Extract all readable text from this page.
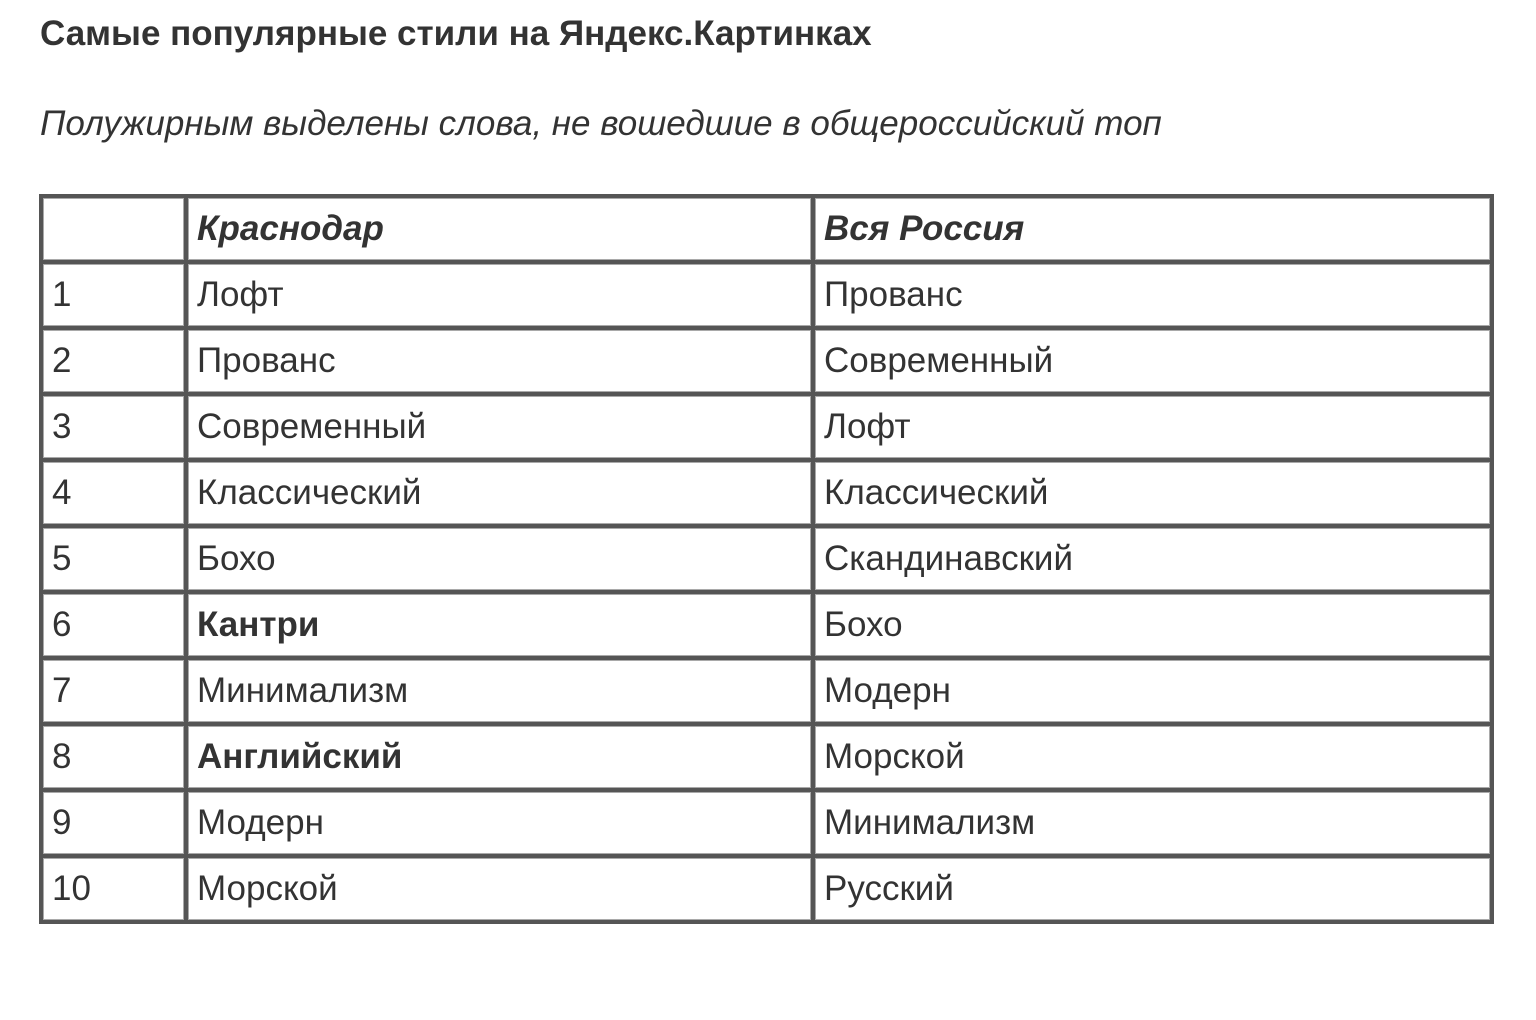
Самые популярные стили на Яндекс.Картинках
Полужирным выделены слова, не вошедшие в общероссийский топ
	Краснодар	Вся Россия
1	Лофт	Прованс
2	Прованс	Современный
3	Современный	Лофт
4	Классический	Классический
5	Бохо	Скандинавский
6	Кантри	Бохо
7	Минимализм	Модерн
8	Английский	Морской
9	Модерн	Минимализм
10	Морской	Русский
